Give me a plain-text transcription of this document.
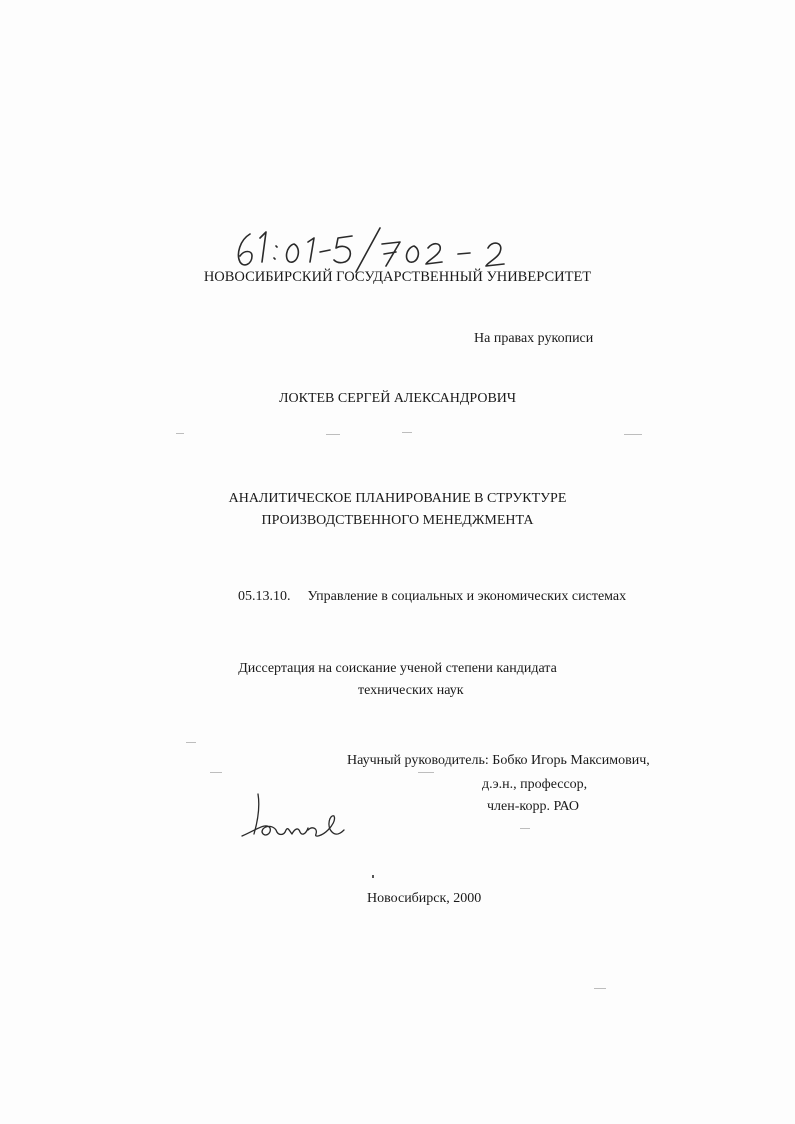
НОВОСИБИРСКИЙ ГОСУДАРСТВЕННЫЙ УНИВЕРСИТЕТ
На правах рукописи
ЛОКТЕВ СЕРГЕЙ АЛЕКСАНДРОВИЧ
АНАЛИТИЧЕСКОЕ ПЛАНИРОВАНИЕ В СТРУКТУРЕ
ПРОИЗВОДСТВЕННОГО МЕНЕДЖМЕНТА
05.13.10. Управление в социальных и экономических системах
Диссертация на соискание ученой степени кандидата
технических наук
Научный руководитель: Бобко Игорь Максимович,
д.э.н., профессор,
член-корр. РАО
Новосибирск, 2000
